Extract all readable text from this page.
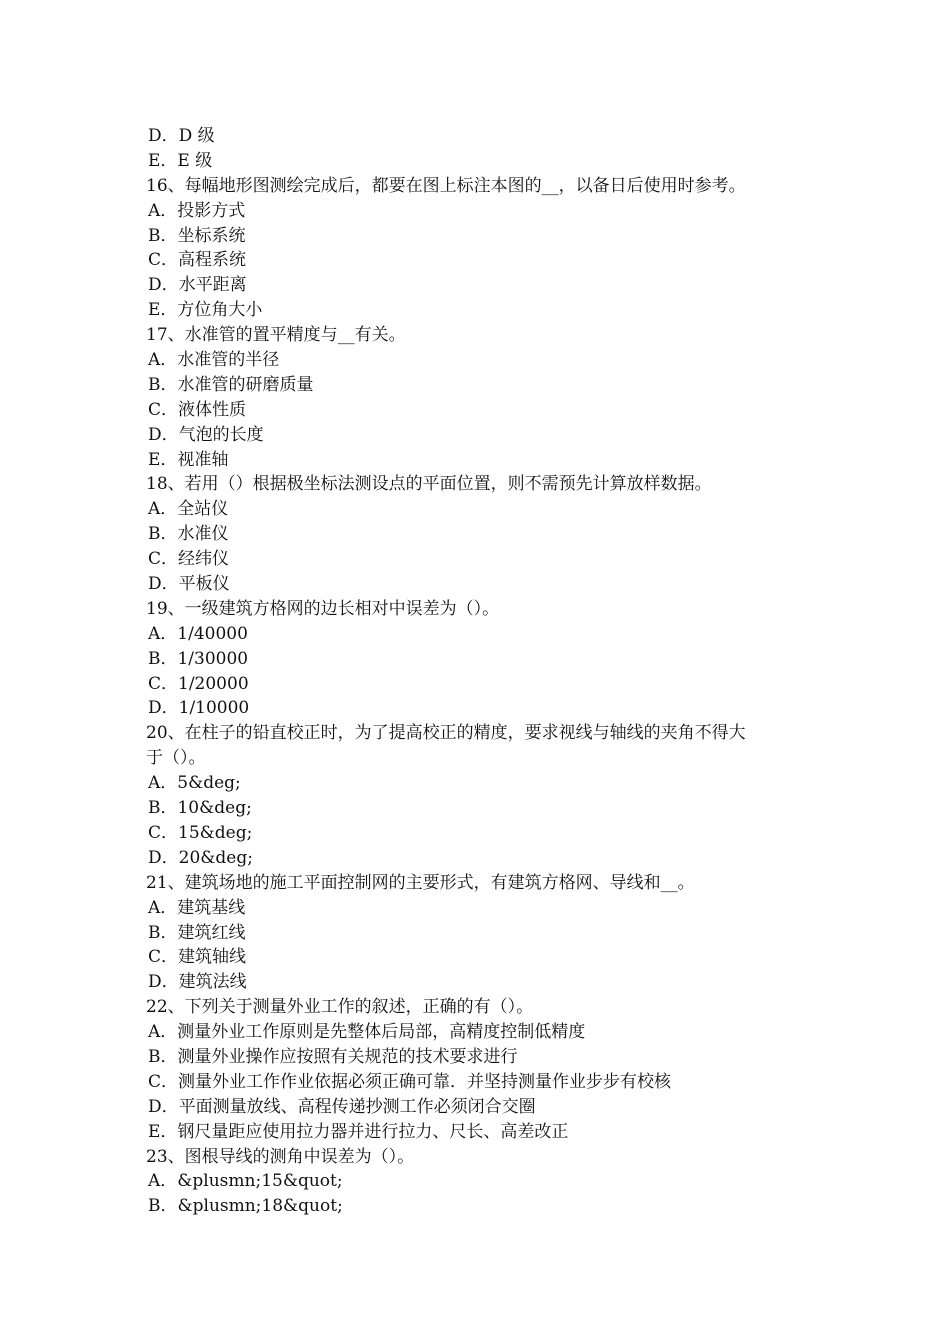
D．D 级
E．E 级
16、每幅地形图测绘完成后，都要在图上标注本图的__，以备日后使用时参考。
A．投影方式
B．坐标系统
C．高程系统
D．水平距离
E．方位角大小
17、水准管的置平精度与__有关。
A．水准管的半径
B．水准管的研磨质量
C．液体性质
D．气泡的长度
E．视准轴
18、若用（）根据极坐标法测设点的平面位置，则不需预先计算放样数据。
A．全站仪
B．水准仪
C．经纬仪
D．平板仪
19、一级建筑方格网的边长相对中误差为（）。
A．1/40000
B．1/30000
C．1/20000
D．1/10000
20、在柱子的铅直校正时，为了提高校正的精度，要求视线与轴线的夹角不得大
于（）。
A．5&deg;
B．10&deg;
C．15&deg;
D．20&deg;
21、建筑场地的施工平面控制网的主要形式，有建筑方格网、导线和__。
A．建筑基线
B．建筑红线
C．建筑轴线
D．建筑法线
22、下列关于测量外业工作的叙述，正确的有（）。
A．测量外业工作原则是先整体后局部，高精度控制低精度
B．测量外业操作应按照有关规范的技术要求进行
C．测量外业工作作业依据必须正确可靠．并坚持测量作业步步有校核
D．平面测量放线、高程传递抄测工作必须闭合交圈
E．钢尺量距应使用拉力器并进行拉力、尺长、高差改正
23、图根导线的测角中误差为（）。
A．&plusmn;15&quot;
B．&plusmn;18&quot;
